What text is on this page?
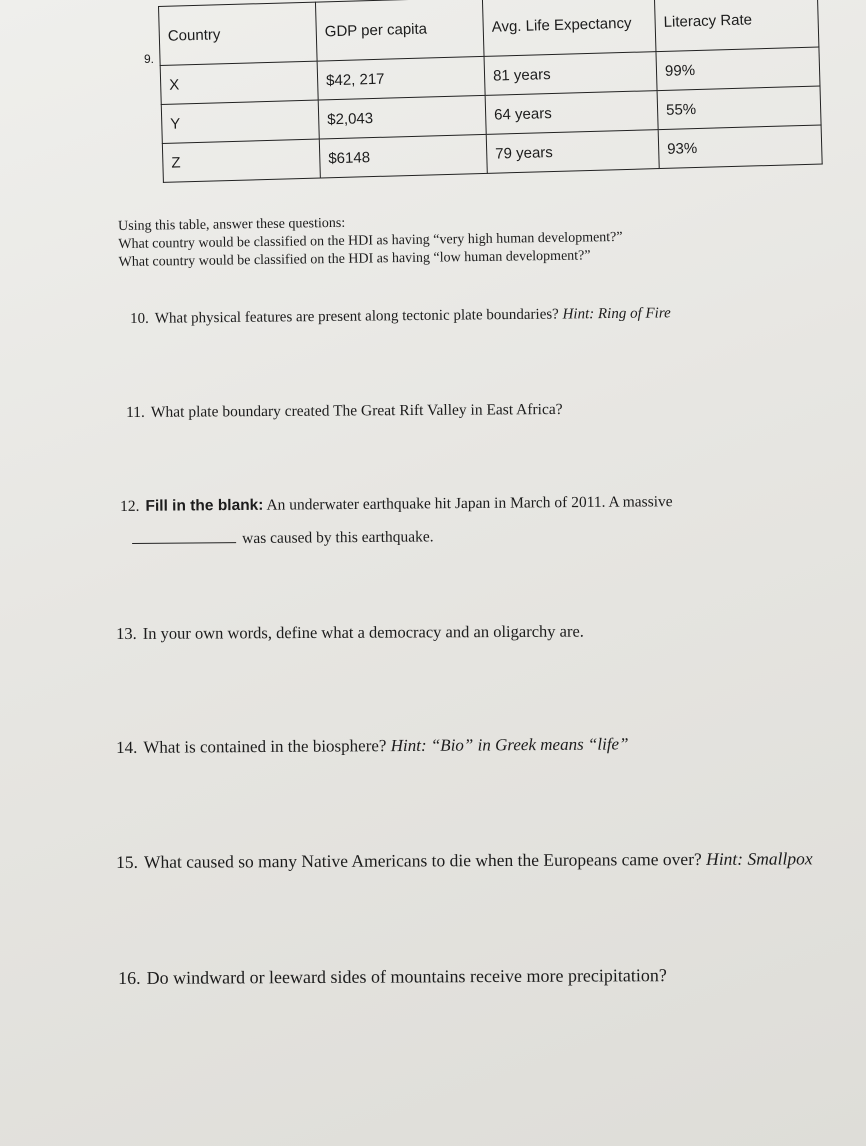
9.
Country	GDP per capita	Avg. Life Expectancy	Literacy Rate
X	$42, 217	81 years	99%
Y	$2,043	64 years	55%
Z	$6148	79 years	93%
Using this table, answer these questions:
What country would be classified on the HDI as having “very high human development?”
What country would be classified on the HDI as having “low human development?”
10. What physical features are present along tectonic plate boundaries? Hint: Ring of Fire
11. What plate boundary created The Great Rift Valley in East Africa?
12. Fill in the blank: An underwater earthquake hit Japan in March of 2011. A massive
was caused by this earthquake.
13. In your own words, define what a democracy and an oligarchy are.
14. What is contained in the biosphere? Hint: “Bio” in Greek means “life”
15. What caused so many Native Americans to die when the Europeans came over? Hint: Smallpox
16. Do windward or leeward sides of mountains receive more precipitation?
